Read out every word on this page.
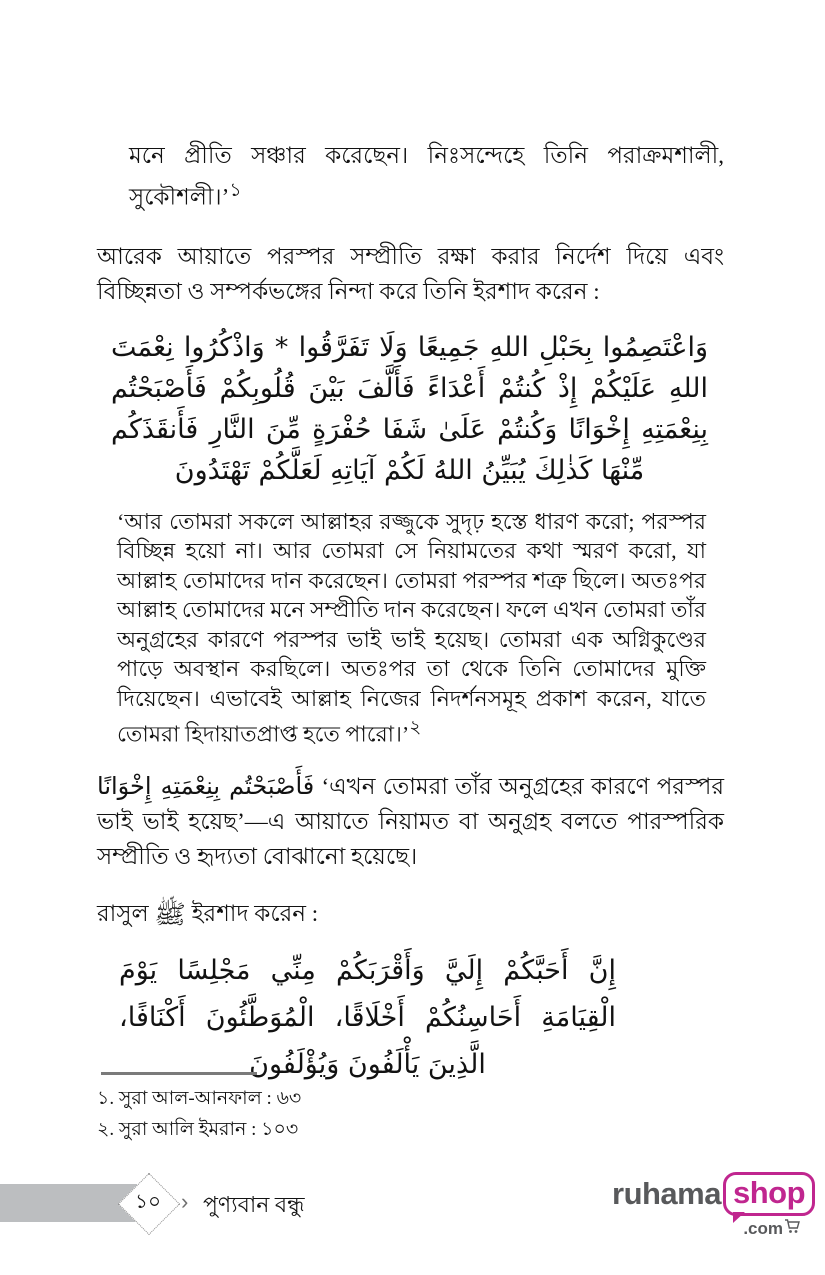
মনে প্রীতি সঞ্চার করেছেন। নিঃসন্দেহে তিনি পরাক্রমশালী, সুকৌশলী।’$^১$

আরেক আয়াতে পরস্পর সম্প্রীতি রক্ষা করার নির্দেশ দিয়ে এবং বিচ্ছিন্নতা ও সম্পর্কভঙ্গের নিন্দা করে তিনি ইরশাদ করেন :

وَاعْتَصِمُوا بِحَبْلِ اللهِ جَمِيعًا وَلَا تَفَرَّقُوا * وَاذْكُرُوا نِعْمَتَ اللهِ عَلَيْكُمْ إِذْ كُنتُمْ أَعْدَاءً فَأَلَّفَ بَيْنَ قُلُوبِكُمْ فَأَصْبَحْتُم بِنِعْمَتِهِ إِخْوَانًا وَكُنتُمْ عَلَىٰ شَفَا حُفْرَةٍ مِّنَ النَّارِ فَأَنقَذَكُم مِّنْهَا كَذٰلِكَ يُبَيِّنُ اللهُ لَكُمْ آيَاتِهِ لَعَلَّكُمْ تَهْتَدُونَ

‘আর তোমরা সকলে আল্লাহর রজ্জুকে সুদৃঢ় হস্তে ধারণ করো; পরস্পর বিচ্ছিন্ন হয়ো না। আর তোমরা সে নিয়ামতের কথা স্মরণ করো, যা আল্লাহ তোমাদের দান করেছেন। তোমরা পরস্পর শত্রু ছিলে। অতঃপর আল্লাহ তোমাদের মনে সম্প্রীতি দান করেছেন। ফলে এখন তোমরা তাঁর অনুগ্রহের কারণে পরস্পর ভাই ভাই হয়েছ। তোমরা এক অগ্নিকুণ্ডের পাড়ে অবস্থান করছিলে। অতঃপর তা থেকে তিনি তোমাদের মুক্তি দিয়েছেন। এভাবেই আল্লাহ নিজের নিদর্শনসমূহ প্রকাশ করেন, যাতে তোমরা হিদায়াতপ্রাপ্ত হতে পারো।’$^২$

فَأَصْبَحْتُم بِنِعْمَتِهِ إِخْوَانًا ‘এখন তোমরা তাঁর অনুগ্রহের কারণে পরস্পর ভাই ভাই হয়েছ’—এ আয়াতে নিয়ামত বা অনুগ্রহ বলতে পারস্পরিক সম্প্রীতি ও হৃদ্যতা বোঝানো হয়েছে।

রাসুল ﷺ ইরশাদ করেন :

إِنَّ أَحَبَّكُمْ إِلَيَّ وَأَقْرَبَكُمْ مِنِّي مَجْلِسًا يَوْمَ الْقِيَامَةِ أَحَاسِنُكُمْ أَخْلَاقًا، الْمُوَطَّئُونَ أَكْنَافًا، الَّذِينَ يَأْلَفُونَ وَيُؤْلَفُونَ
১. সুরা আল-আনফাল : ৬৩
২. সুরা আলি ইমরান : ১০৩
১০ › পুণ্যবান বন্ধু	ruhama shop
.com
